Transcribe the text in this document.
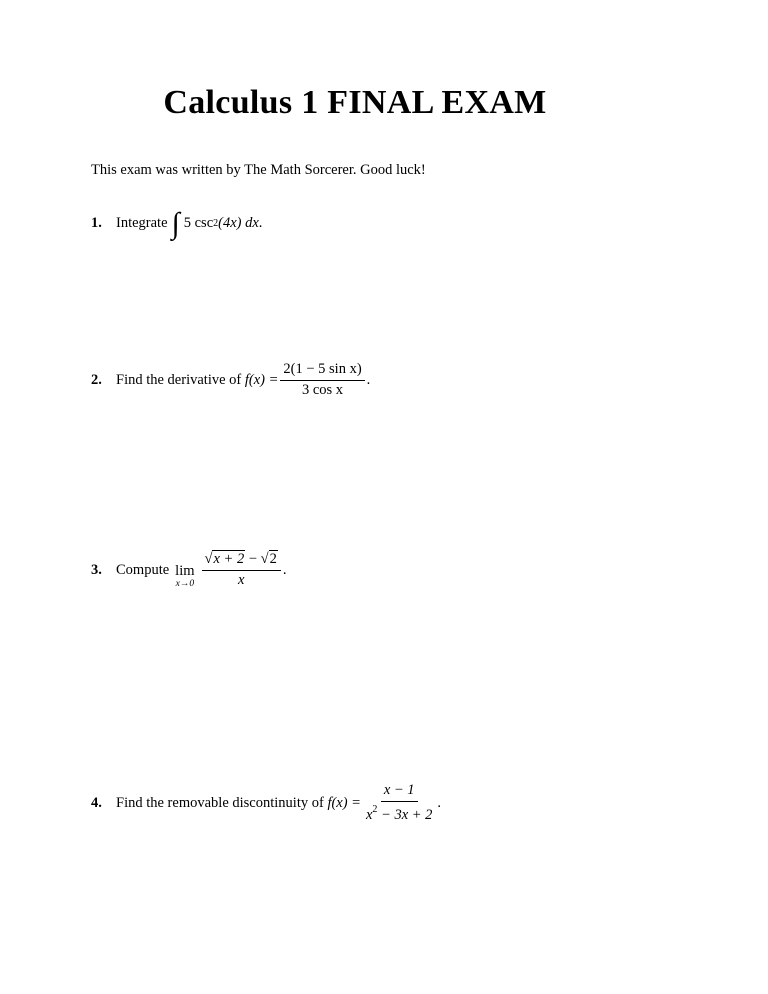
Calculus 1 FINAL EXAM
This exam was written by The Math Sorcerer. Good luck!
1. Integrate ∫ 5
csc 2 (4x)
dx .
2. Find the derivative of
$f(x) = \frac{\text{2(1 − 5 sin x)}}{\text{3 cos x}}$ .
3. Compute lim
$x\to 0 \frac{√x + 2 - √2}{x}$ .
4. Find the removable discontinuity of
$f(x) = \frac{x - 1}{x^2 - 3x + 2}$ .
